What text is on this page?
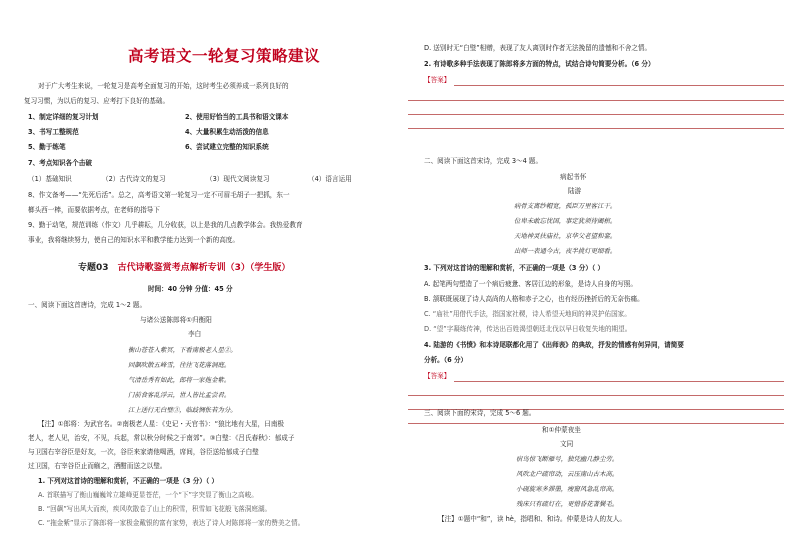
高考语文一轮复习策略建议
对于广大考生来说，一轮复习是高考全面复习的开始，这时考生必须养成一系列良好的
复习习惯，为以后的复习、应考打下良好的基础。
1、制定详细的复习计划	2、使用好恰当的工具书和语文课本
3、书写工整规范	4、大量积累生动活泼的信息
5、勤于练笔	6、尝试建立完整的知识系统
7、考点知识各个击破
（1）基础知识	（2）古代诗文的复习	（3）现代文阅读复习	（4）语言运用
8、作文备考——“先死后活”。总之，高考语文第一轮复习一定不可眉毛胡子一把抓，东一
榔头西一棒，而要依据考点，在老师的指导下
9、勤于动笔，规范训练（作文）几乎耕耘，几分收获，以上是我的几点教学体会。我热爱教育
事业，我将继续努力，使自己的知识水平和教学能力达到一个新的高度。
专题03 古代诗歌鉴赏考点解析专训（3）（学生版）
时间：40 分钟 分值：45 分
一、阅读下面这首唐诗，完成 1～2 题。
与诸公送陈郎将①归衡阳
李白
衡山苍苍入紫冥，下看南极老人星②。
回飙吹散五峰雪，往往飞花落洞庭。
气清岳秀有如此，郎将一家拖金紫。
门前食客乱浮云，世人皆比孟尝君。
江上送行无白璧③，临歧惆怅若为分。
【注】①郎将：为武官名。②南极老人星：《史记・天官书》：“狼比地有大星，曰南极
老人，老人见，治安，不见，兵起，常以秋分时候之于南郊”。③白璧：《吕氏春秋》：郁成子
与卫国右宰谷臣是好友，一次，谷臣来家请他喝酒，席间，谷臣送给郁成子白璧
过卫国，右宰谷臣止而觞之，酒酣而送之以璧。
1. 下列对这首诗的理解和赏析，不正确的一项是（3 分）（ ）
A. 首联描写了衡山巍巍耸立雄峰更显苍茫，一个“下”字突显了衡山之高峻。
B. “回飙”写出风大而疾，疾风吹散卷了山上的积雪，积雪如飞花般飞落洞庭湖。
C. “拖金紫”显示了陈郎将一家极金戴银的富有家势，表达了诗人对陈郎将一家的赞美之情。
D. 送别时无“白璧”相赠，表现了友人离别时作者无法挽留的遗憾和不舍之情。
2. 有诗歌多种手法表现了陈郎将多方面的特点，试结合诗句简要分析。（6 分）
【答案】
二、阅读下面这首宋诗，完成 3～4 题。
病起书怀
陆游
病骨支离纱帽宽，孤臣万里客江干。
位卑未敢忘忧国，事定犹须待阖棺。
天地神灵扶庙社，京华父老望和銮。
出师一表通今古，夜半挑灯更细看。
3. 下列对这首诗的理解和赏析，不正确的一项是（3 分）（ ）
A. 起笔两句塑造了一个病后疲惫、客居江边的形象，是诗人自身的写照。
B. 颔联既展现了诗人高尚的人格和赤子之心，也有经历挫折后的无奈伤痛。
C. “庙社”用借代手法，指国家社稷，诗人希望天地间的神灵护佑国家。
D. “望”字凝练传神，传达出百姓渴望朝廷北伐以早日收复失地的期望。
4. 陆游的《书愤》和本诗尾联都化用了《出师表》的典故，抒发的情感有何异同，请简要
分析。（6 分）
【答案】
三、阅读下面的宋诗，完成 5～6 题。
和①仲蒙夜坐
文同
宿鸟惊飞断雁号，独凭幽几静尘劳。
风吹北户疏帘动，云压南山古木高。
小砚旋寒多滞墨，瘦窗风急乱帘高。
残床只有疏灯在，更惜昏花著鬓毛。
【注】①题中“和”，读 hè，指唱和、和诗。仲蒙是诗人的友人。
